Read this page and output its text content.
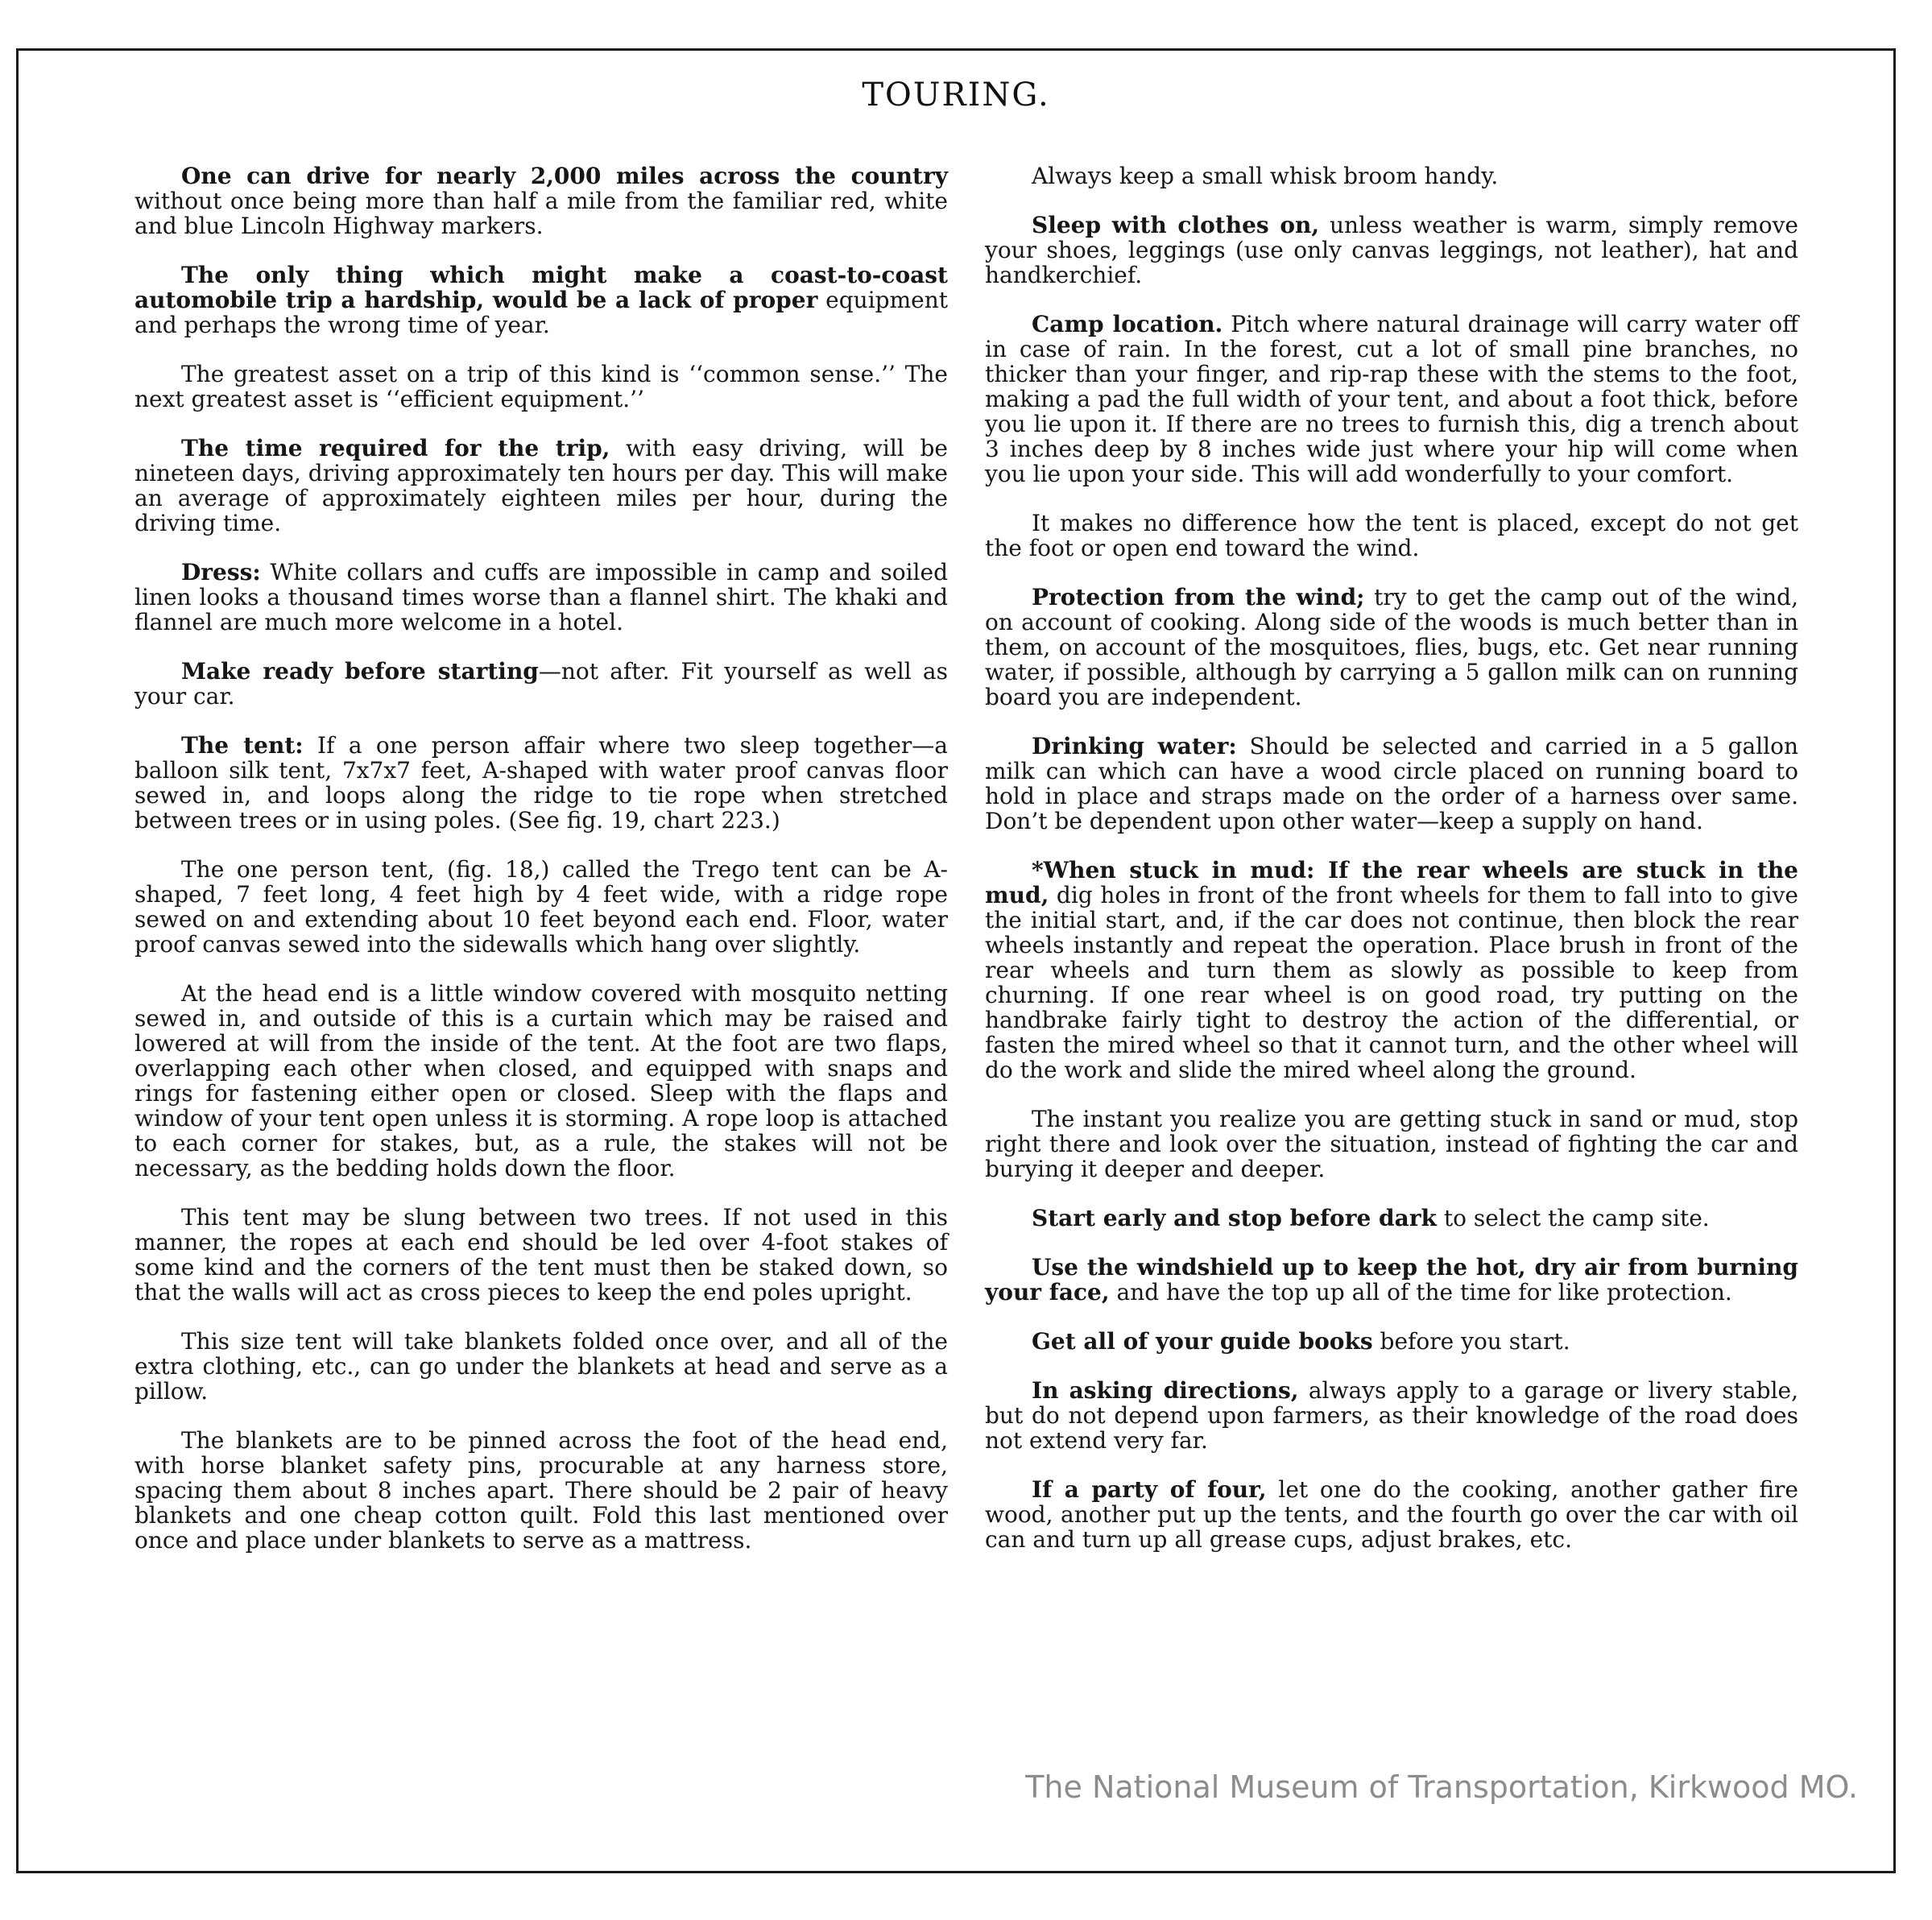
TOURING.

One can drive for nearly 2,000 miles across the country without once being more than half a mile from the familiar red, white and blue Lincoln Highway markers.

The only thing which might make a coast-to-coast automobile trip a hardship, would be a lack of proper equipment and perhaps the wrong time of year.

The greatest asset on a trip of this kind is ‘‘common sense.’’ The next greatest asset is ‘‘efficient equipment.’’

The time required for the trip, with easy driving, will be nineteen days, driving approximately ten hours per day. This will make an average of approximately eighteen miles per hour, during the driving time.

Dress: White collars and cuffs are impossible in camp and soiled linen looks a thousand times worse than a flannel shirt. The khaki and flannel are much more welcome in a hotel.

Make ready before starting—not after. Fit yourself as well as your car.

The tent: If a one person affair where two sleep together—a balloon silk tent, 7x7x7 feet, A-shaped with water proof canvas floor sewed in, and loops along the ridge to tie rope when stretched between trees or in using poles. (See fig. 19, chart 223.)

The one person tent, (fig. 18,) called the Trego tent can be A-shaped, 7 feet long, 4 feet high by 4 feet wide, with a ridge rope sewed on and extending about 10 feet beyond each end. Floor, water proof canvas sewed into the sidewalls which hang over slightly.

At the head end is a little window covered with mosquito netting sewed in, and outside of this is a curtain which may be raised and lowered at will from the inside of the tent. At the foot are two flaps, overlapping each other when closed, and equipped with snaps and rings for fastening either open or closed. Sleep with the flaps and window of your tent open unless it is storming. A rope loop is attached to each corner for stakes, but, as a rule, the stakes will not be necessary, as the bedding holds down the floor.

This tent may be slung between two trees. If not used in this manner, the ropes at each end should be led over 4-foot stakes of some kind and the corners of the tent must then be staked down, so that the walls will act as cross pieces to keep the end poles upright.

This size tent will take blankets folded once over, and all of the extra clothing, etc., can go under the blankets at head and serve as a pillow.

The blankets are to be pinned across the foot of the head end, with horse blanket safety pins, procurable at any harness store, spacing them about 8 inches apart. There should be 2 pair of heavy blankets and one cheap cotton quilt. Fold this last mentioned over once and place under blankets to serve as a mattress.

Always keep a small whisk broom handy.

Sleep with clothes on, unless weather is warm, simply remove your shoes, leggings (use only canvas leggings, not leather), hat and handkerchief.

Camp location. Pitch where natural drainage will carry water off in case of rain. In the forest, cut a lot of small pine branches, no thicker than your finger, and rip-rap these with the stems to the foot, making a pad the full width of your tent, and about a foot thick, before you lie upon it. If there are no trees to furnish this, dig a trench about 3 inches deep by 8 inches wide just where your hip will come when you lie upon your side. This will add wonderfully to your comfort.

It makes no difference how the tent is placed, except do not get the foot or open end toward the wind.

Protection from the wind; try to get the camp out of the wind, on account of cooking. Along side of the woods is much better than in them, on account of the mosquitoes, flies, bugs, etc. Get near running water, if possible, although by carrying a 5 gallon milk can on running board you are independent.

Drinking water: Should be selected and carried in a 5 gallon milk can which can have a wood circle placed on running board to hold in place and straps made on the order of a harness over same. Don’t be dependent upon other water—keep a supply on hand.

*When stuck in mud: If the rear wheels are stuck in the mud, dig holes in front of the front wheels for them to fall into to give the initial start, and, if the car does not continue, then block the rear wheels instantly and repeat the operation. Place brush in front of the rear wheels and turn them as slowly as possible to keep from churning. If one rear wheel is on good road, try putting on the handbrake fairly tight to destroy the action of the differential, or fasten the mired wheel so that it cannot turn, and the other wheel will do the work and slide the mired wheel along the ground.

The instant you realize you are getting stuck in sand or mud, stop right there and look over the situation, instead of fighting the car and burying it deeper and deeper.

Start early and stop before dark to select the camp site.

Use the windshield up to keep the hot, dry air from burning your face, and have the top up all of the time for like protection.

Get all of your guide books before you start.

In asking directions, always apply to a garage or livery stable, but do not depend upon farmers, as their knowledge of the road does not extend very far.

If a party of four, let one do the cooking, another gather fire wood, another put up the tents, and the fourth go over the car with oil can and turn up all grease cups, adjust brakes, etc.

The National Museum of Transportation, Kirkwood MO.
